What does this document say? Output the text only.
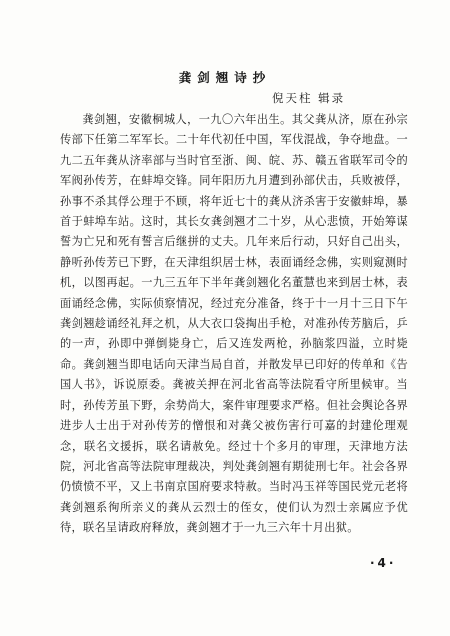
龚剑翘诗抄
倪天柱 辑录

龚剑翘，安徽桐城人，一九〇六年出生。其父龚从济，原在孙宗传部下任第二军军长。二十年代初任中国，军伐混战，争夺地盘。一九二五年龚从济率部与当时官至浙、闽、皖、苏、赣五省联军司令的军阀孙传芳，在蚌埠交锋。同年阳历九月遭到孙部伏击，兵败被俘，孙事不杀其俘公理于不顾，将年近七十的龚从济杀害于安徽蚌埠，暴首于蚌埠车站。这时，其长女龚剑翘才二十岁，从心悲愤，开始筹谋誓为亡兄和死有誓言后继拼的丈夫。几年来后行动，只好自己出头，静听孙传芳已下野，在天津组织居士林，表面诵经念佛，实则窥测时机，以图再起。一九三五年下半年龚剑翘化名董慧也来到居士林，表面诵经念佛，实际侦察情况，经过充分准备，终于十一月十三日下午龚剑翘趁诵经礼拜之机，从大衣口袋掏出手枪，对准孙传芳脑后，乒的一声，孙即中弹倒毙身亡，后又连发两枪，孙脑浆四溢，立时毙命。龚剑翘当即电话向天津当局自首，并散发早已印好的传单和《告国人书》，诉说原委。龚被关押在河北省高等法院看守所里候审。当时，孙传芳虽下野，余势尚大，案件审理要求严格。但社会舆论各界进步人士出于对孙传芳的憎恨和对龚父被伤害行可嘉的封建伦理观念，联名文援拆，联名请赦免。经过十个多月的审理，天津地方法院，河北省高等法院审理裁决，判处龚剑翘有期徒刑七年。社会各界仍愤愤不平，又上书南京国府要求特赦。当时冯玉祥等国民党元老将龚剑翘系徇所亲义的龚从云烈士的侄女，使们认为烈士亲属应予优待，联名呈请政府释放，龚剑翘才于一九三六年十月出狱。

·4·
